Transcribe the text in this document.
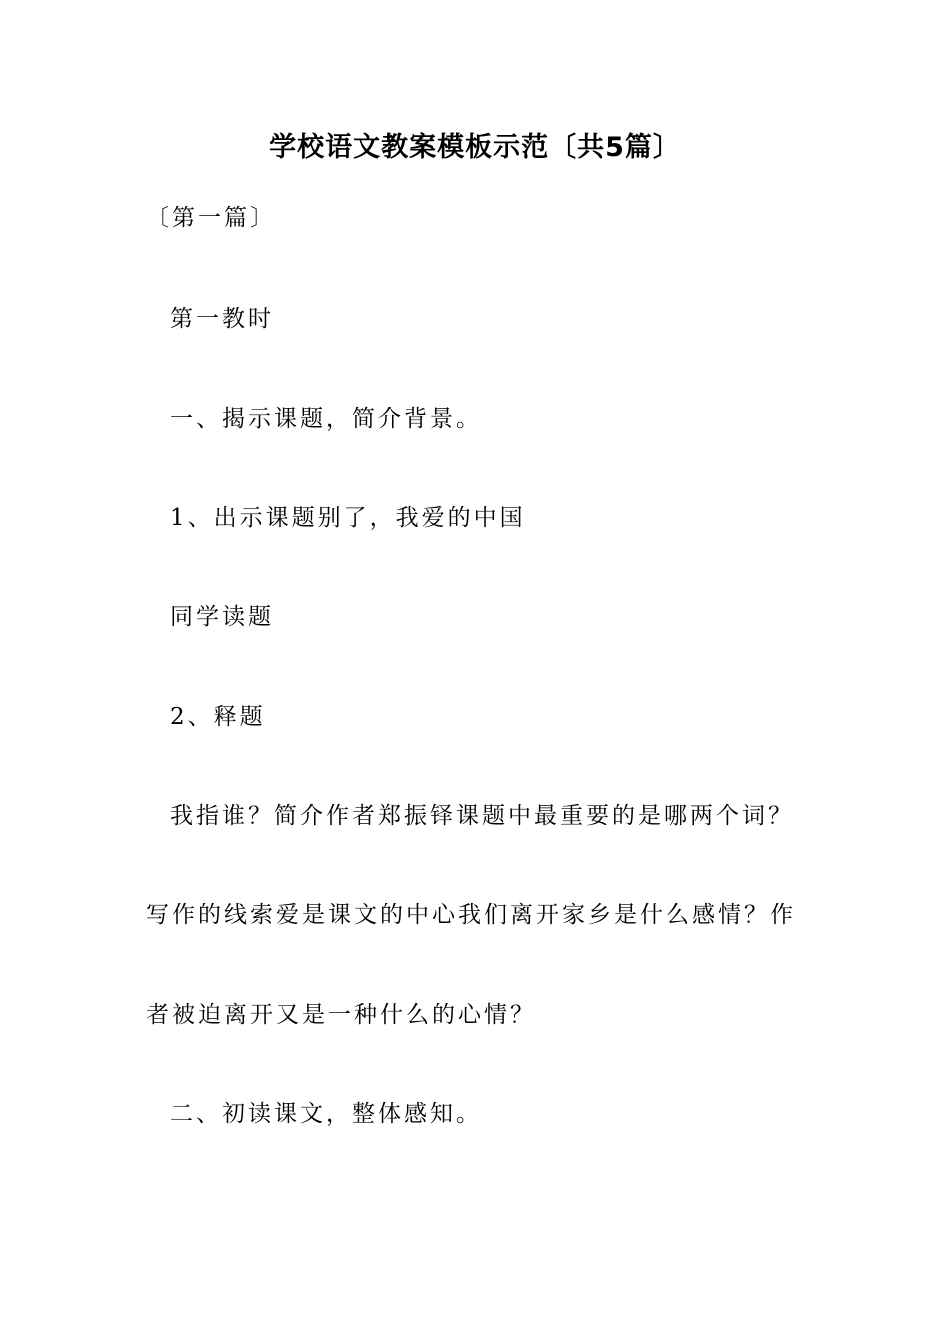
学校语文教案模板示范〔共5篇〕
〔第一篇〕
第一教时
一、揭示课题，简介背景。
1、出示课题别了，我爱的中国
同学读题
2、释题
我指谁？简介作者郑振铎课题中最重要的是哪两个词？
写作的线索爱是课文的中心我们离开家乡是什么感情？作
者被迫离开又是一种什么的心情？
二、初读课文，整体感知。
